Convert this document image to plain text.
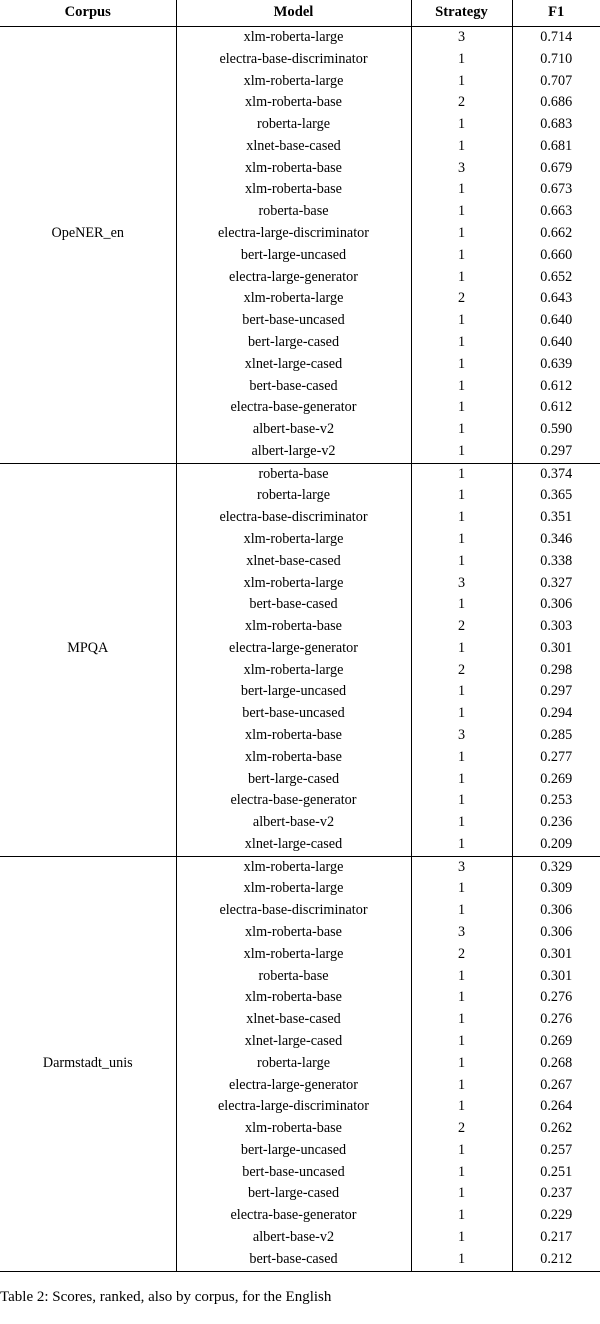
Corpus	Model	Strategy	F1
	xlm-roberta-large	3	0.714
	electra-base-discriminator	1	0.710
	xlm-roberta-large	1	0.707
	xlm-roberta-base	2	0.686
	roberta-large	1	0.683
	xlnet-base-cased	1	0.681
	xlm-roberta-base	3	0.679
	xlm-roberta-base	1	0.673
	roberta-base	1	0.663
OpeNER_en	electra-large-discriminator	1	0.662
	bert-large-uncased	1	0.660
	electra-large-generator	1	0.652
	xlm-roberta-large	2	0.643
	bert-base-uncased	1	0.640
	bert-large-cased	1	0.640
	xlnet-large-cased	1	0.639
	bert-base-cased	1	0.612
	electra-base-generator	1	0.612
	albert-base-v2	1	0.590
	albert-large-v2	1	0.297
	roberta-base	1	0.374
	roberta-large	1	0.365
	electra-base-discriminator	1	0.351
	xlm-roberta-large	1	0.346
	xlnet-base-cased	1	0.338
	xlm-roberta-large	3	0.327
	bert-base-cased	1	0.306
	xlm-roberta-base	2	0.303
MPQA	electra-large-generator	1	0.301
	xlm-roberta-large	2	0.298
	bert-large-uncased	1	0.297
	bert-base-uncased	1	0.294
	xlm-roberta-base	3	0.285
	xlm-roberta-base	1	0.277
	bert-large-cased	1	0.269
	electra-base-generator	1	0.253
	albert-base-v2	1	0.236
	xlnet-large-cased	1	0.209
	xlm-roberta-large	3	0.329
	xlm-roberta-large	1	0.309
	electra-base-discriminator	1	0.306
	xlm-roberta-base	3	0.306
	xlm-roberta-large	2	0.301
	roberta-base	1	0.301
	xlm-roberta-base	1	0.276
	xlnet-base-cased	1	0.276
	xlnet-large-cased	1	0.269
Darmstadt_unis	roberta-large	1	0.268
	electra-large-generator	1	0.267
	electra-large-discriminator	1	0.264
	xlm-roberta-base	2	0.262
	bert-large-uncased	1	0.257
	bert-base-uncased	1	0.251
	bert-large-cased	1	0.237
	electra-base-generator	1	0.229
	albert-base-v2	1	0.217
	bert-base-cased	1	0.212
Table 2: Scores, ranked, also by corpus, for the English
